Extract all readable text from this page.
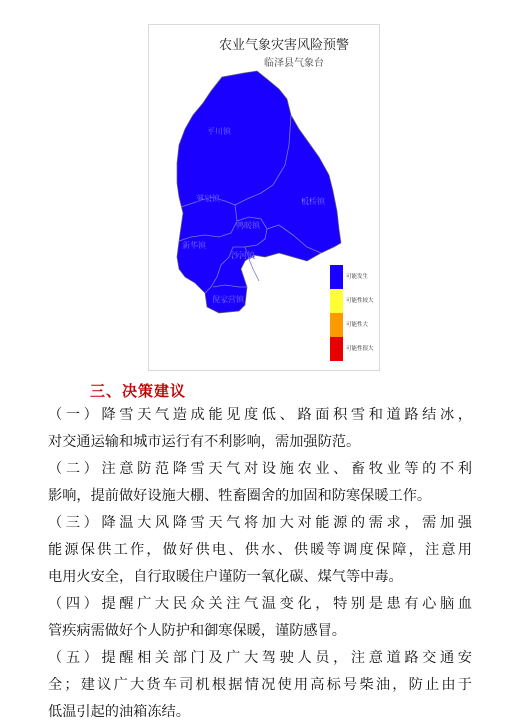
农业气象灾害风险预警
临泽县气象台
平川镇
蓼泉镇	板桥镇
鸭暖镇
新华镇
沙河镇
倪家营镇
可能发生
可能性较大
可能性大
可能性很大
三、决策建议
（一）降雪天气造成能见度低、路面积雪和道路结冰，
对交通运输和城市运行有不利影响，需加强防范。
（二）注意防范降雪天气对设施农业、畜牧业等的不利
影响，提前做好设施大棚、牲畜圈舍的加固和防寒保暖工作。
（三）降温大风降雪天气将加大对能源的需求，需加强
能源保供工作，做好供电、供水、供暖等调度保障，注意用
电用火安全，自行取暖住户谨防一氧化碳、煤气等中毒。
（四）提醒广大民众关注气温变化，特别是患有心脑血
管疾病需做好个人防护和御寒保暖，谨防感冒。
（五）提醒相关部门及广大驾驶人员，注意道路交通安
全；建议广大货车司机根据情况使用高标号柴油，防止由于
低温引起的油箱冻结。
